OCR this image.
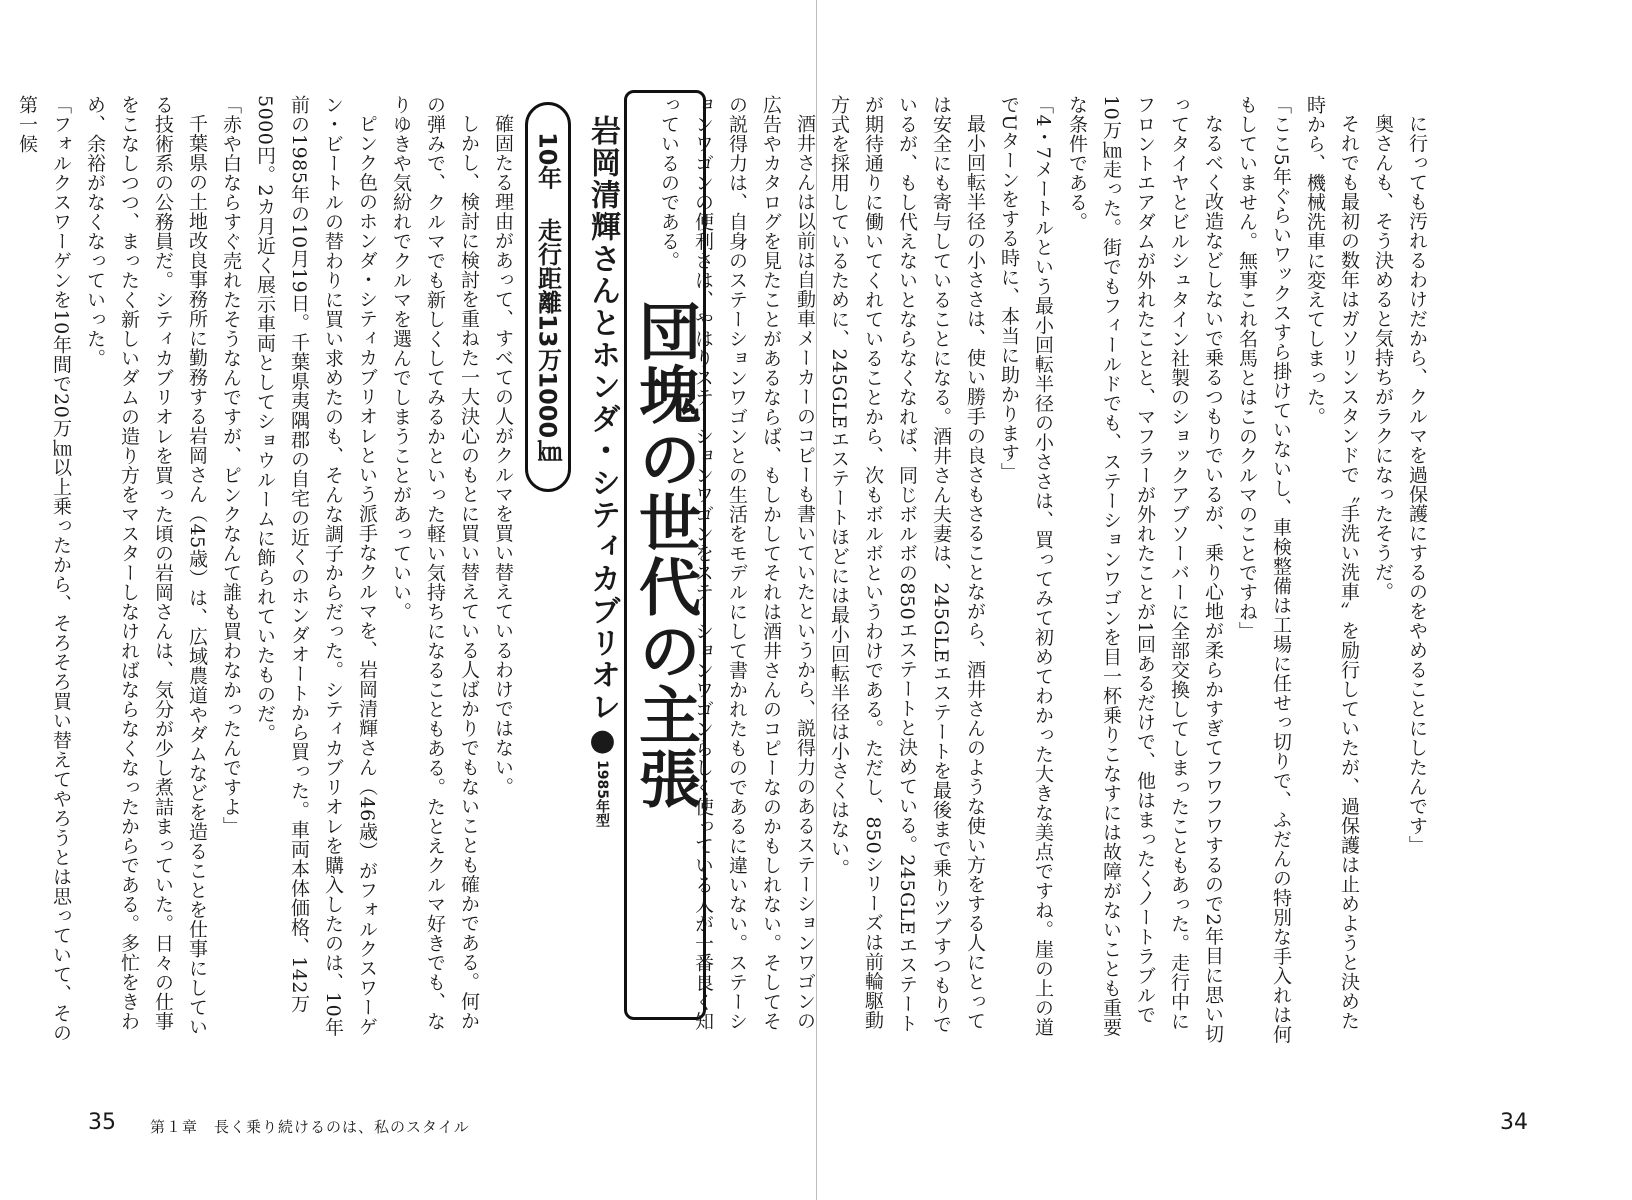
に行っても汚れるわけだから、クルマを過保護にするのをやめることにしたんです」

奥さんも、そう決めると気持ちがラクになったそうだ。

それでも最初の数年はガソリンスタンドで〝手洗い洗車〟を励行していたが、過保護は止めようと決めた時から、機械洗車に変えてしまった。

「ここ5年ぐらいワックスすら掛けていないし、車検整備は工場に任せっ切りで、ふだんの特別な手入れは何もしていません。無事これ名馬とはこのクルマのことですね」

なるべく改造などしないで乗るつもりでいるが、乗り心地が柔らかすぎてフワフワするので2年目に思い切ってタイヤとビルシュタイン社製のショックアブソーバーに全部交換してしまったこともあった。走行中にフロントエアダムが外れたことと、マフラーが外れたことが1回あるだけで、他はまったくノートラブルで10万㎞走った。街でもフィールドでも、ステーションワゴンを目一杯乗りこなすには故障がないことも重要な条件である。

「4・7メートルという最小回転半径の小ささは、買ってみて初めてわかった大きな美点ですね。崖の上の道でUターンをする時に、本当に助かります」

最小回転半径の小ささは、使い勝手の良さもさることながら、酒井さんのような使い方をする人にとっては安全にも寄与していることになる。酒井さん夫妻は、245GLEエステートを最後まで乗りツブすつもりでいるが、もし代えないとならなくなれば、同じボルボの850エステートと決めている。245GLEエステートが期待通りに働いてくれていることから、次もボルボというわけである。ただし、850シリーズは前輪駆動方式を採用しているために、245GLEエステートほどには最小回転半径は小さくはない。

酒井さんは以前は自動車メーカーのコピーも書いていたというから、説得力のあるステーションワゴンの広告やカタログを見たことがあるならば、もしかしてそれは酒井さんのコピーなのかもしれない。そしてその説得力は、自身のステーションワゴンとの生活をモデルにして書かれたものであるに違いない。ステーションワゴンの便利さは、やはりステーションワゴンをステーションワゴンらしく使っている人が一番良く知っているのである。

34
団塊の世代の主張
岩岡清輝さんとホンダ・シティカブリオレ●1985年型
10年
走行距離13万1000㎞

確固たる理由があって、すべての人がクルマを買い替えているわけではない。

しかし、検討に検討を重ねた一大決心のもとに買い替えている人ばかりでもないことも確かである。何かの弾みで、クルマでも新しくしてみるかといった軽い気持ちになることもある。たとえクルマ好きでも、なりゆきや気紛れでクルマを選んでしまうことがあっていい。

ピンク色のホンダ・シティカブリオレという派手なクルマを、岩岡清輝さん（46歳）がフォルクスワーゲン・ビートルの替わりに買い求めたのも、そんな調子からだった。シティカブリオレを購入したのは、10年前の1985年の10月19日。千葉県夷隅郡の自宅の近くのホンダオートから買った。車両本体価格、142万5000円。2カ月近く展示車両としてショウルームに飾られていたものだ。

「赤や白ならすぐ売れたそうなんですが、ピンクなんて誰も買わなかったんですよ」

千葉県の土地改良事務所に勤務する岩岡さん（45歳）は、広域農道やダムなどを造ることを仕事にしている技術系の公務員だ。シティカブリオレを買った頃の岩岡さんは、気分が少し煮詰まっていた。日々の仕事をこなしつつ、まったく新しいダムの造り方をマスターしなければならなくなったからである。多忙をきわめ、余裕がなくなっていった。

「フォルクスワーゲンを10年間で20万㎞以上乗ったから、そろそろ買い替えてやろうとは思っていて、その第一候

35 第１章　長く乗り続けるのは、私のスタイル
